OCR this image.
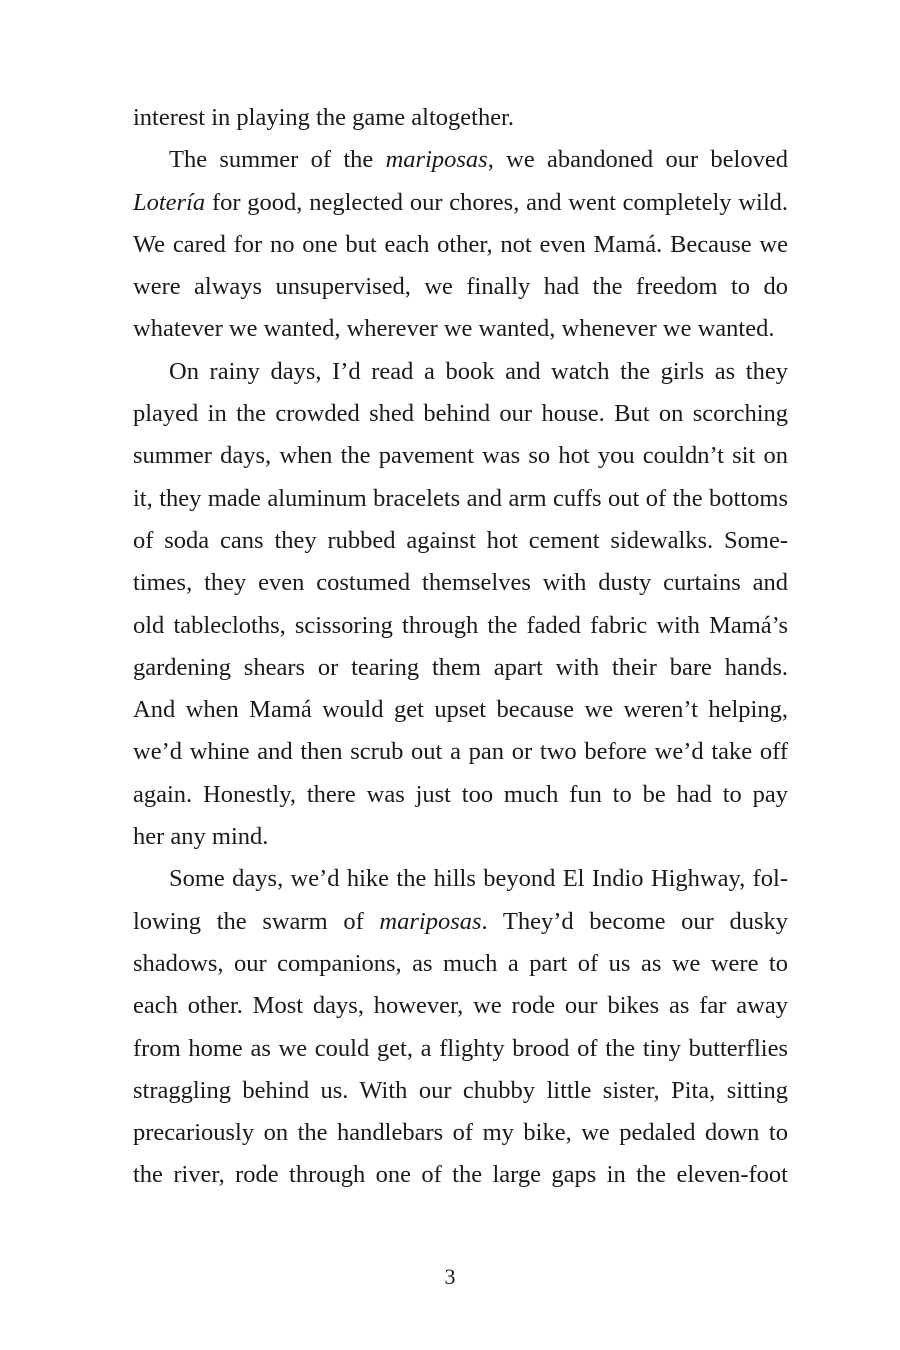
interest in playing the game altogether.
The summer of the mariposas, we abandoned our beloved
Lotería for good, neglected our chores, and went completely wild.
We cared for no one but each other, not even Mamá. Because we
were always unsupervised, we finally had the freedom to do
whatever we wanted, wherever we wanted, whenever we wanted.
On rainy days, I’d read a book and watch the girls as they
played in the crowded shed behind our house. But on scorching
summer days, when the pavement was so hot you couldn’t sit on
it, they made aluminum bracelets and arm cuffs out of the bottoms
of soda cans they rubbed against hot cement sidewalks. Some-
times, they even costumed themselves with dusty curtains and
old tablecloths, scissoring through the faded fabric with Mamá’s
gardening shears or tearing them apart with their bare hands.
And when Mamá would get upset because we weren’t helping,
we’d whine and then scrub out a pan or two before we’d take off
again. Honestly, there was just too much fun to be had to pay
her any mind.
Some days, we’d hike the hills beyond El Indio Highway, fol-
lowing the swarm of mariposas. They’d become our dusky
shadows, our companions, as much a part of us as we were to
each other. Most days, however, we rode our bikes as far away
from home as we could get, a flighty brood of the tiny butterflies
straggling behind us. With our chubby little sister, Pita, sitting
precariously on the handlebars of my bike, we pedaled down to
the river, rode through one of the large gaps in the eleven-foot
3
